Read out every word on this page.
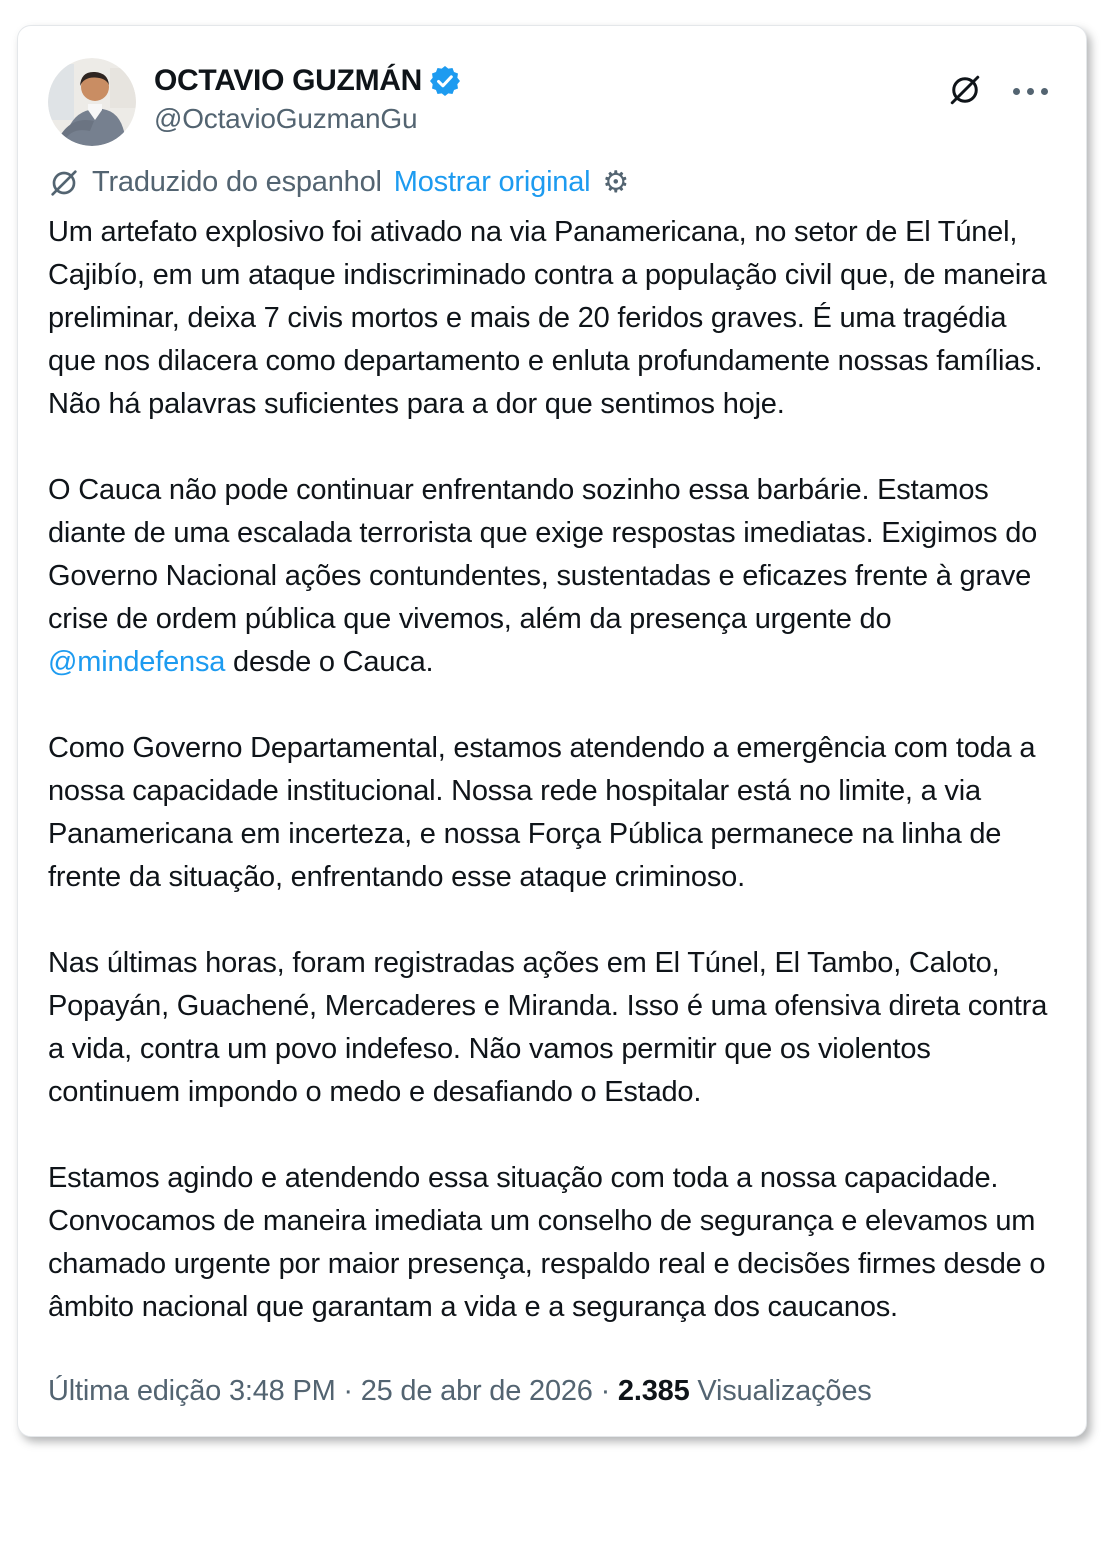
OCTAVIO GUZMÁN
@OctavioGuzmanGu
Traduzido do espanhol Mostrar original ⚙

Um artefato explosivo foi ativado na via Panamericana, no setor de El Túnel, Cajibío, em um ataque indiscriminado contra a população civil que, de maneira preliminar, deixa 7 civis mortos e mais de 20 feridos graves. É uma tragédia que nos dilacera como departamento e enluta profundamente nossas famílias. Não há palavras suficientes para a dor que sentimos hoje.

O Cauca não pode continuar enfrentando sozinho essa barbárie. Estamos diante de uma escalada terrorista que exige respostas imediatas. Exigimos do Governo Nacional ações contundentes, sustentadas e eficazes frente à grave crise de ordem pública que vivemos, além da presença urgente do @mindefensa desde o Cauca.

Como Governo Departamental, estamos atendendo a emergência com toda a nossa capacidade institucional. Nossa rede hospitalar está no limite, a via Panamericana em incerteza, e nossa Força Pública permanece na linha de frente da situação, enfrentando esse ataque criminoso.

Nas últimas horas, foram registradas ações em El Túnel, El Tambo, Caloto, Popayán, Guachené, Mercaderes e Miranda. Isso é uma ofensiva direta contra a vida, contra um povo indefeso. Não vamos permitir que os violentos continuem impondo o medo e desafiando o Estado.

Estamos agindo e atendendo essa situação com toda a nossa capacidade. Convocamos de maneira imediata um conselho de segurança e elevamos um chamado urgente por maior presença, respaldo real e decisões firmes desde o âmbito nacional que garantam a vida e a segurança dos caucanos.

Última edição 3:48 PM · 25 de abr de 2026 · 2.385 Visualizações
